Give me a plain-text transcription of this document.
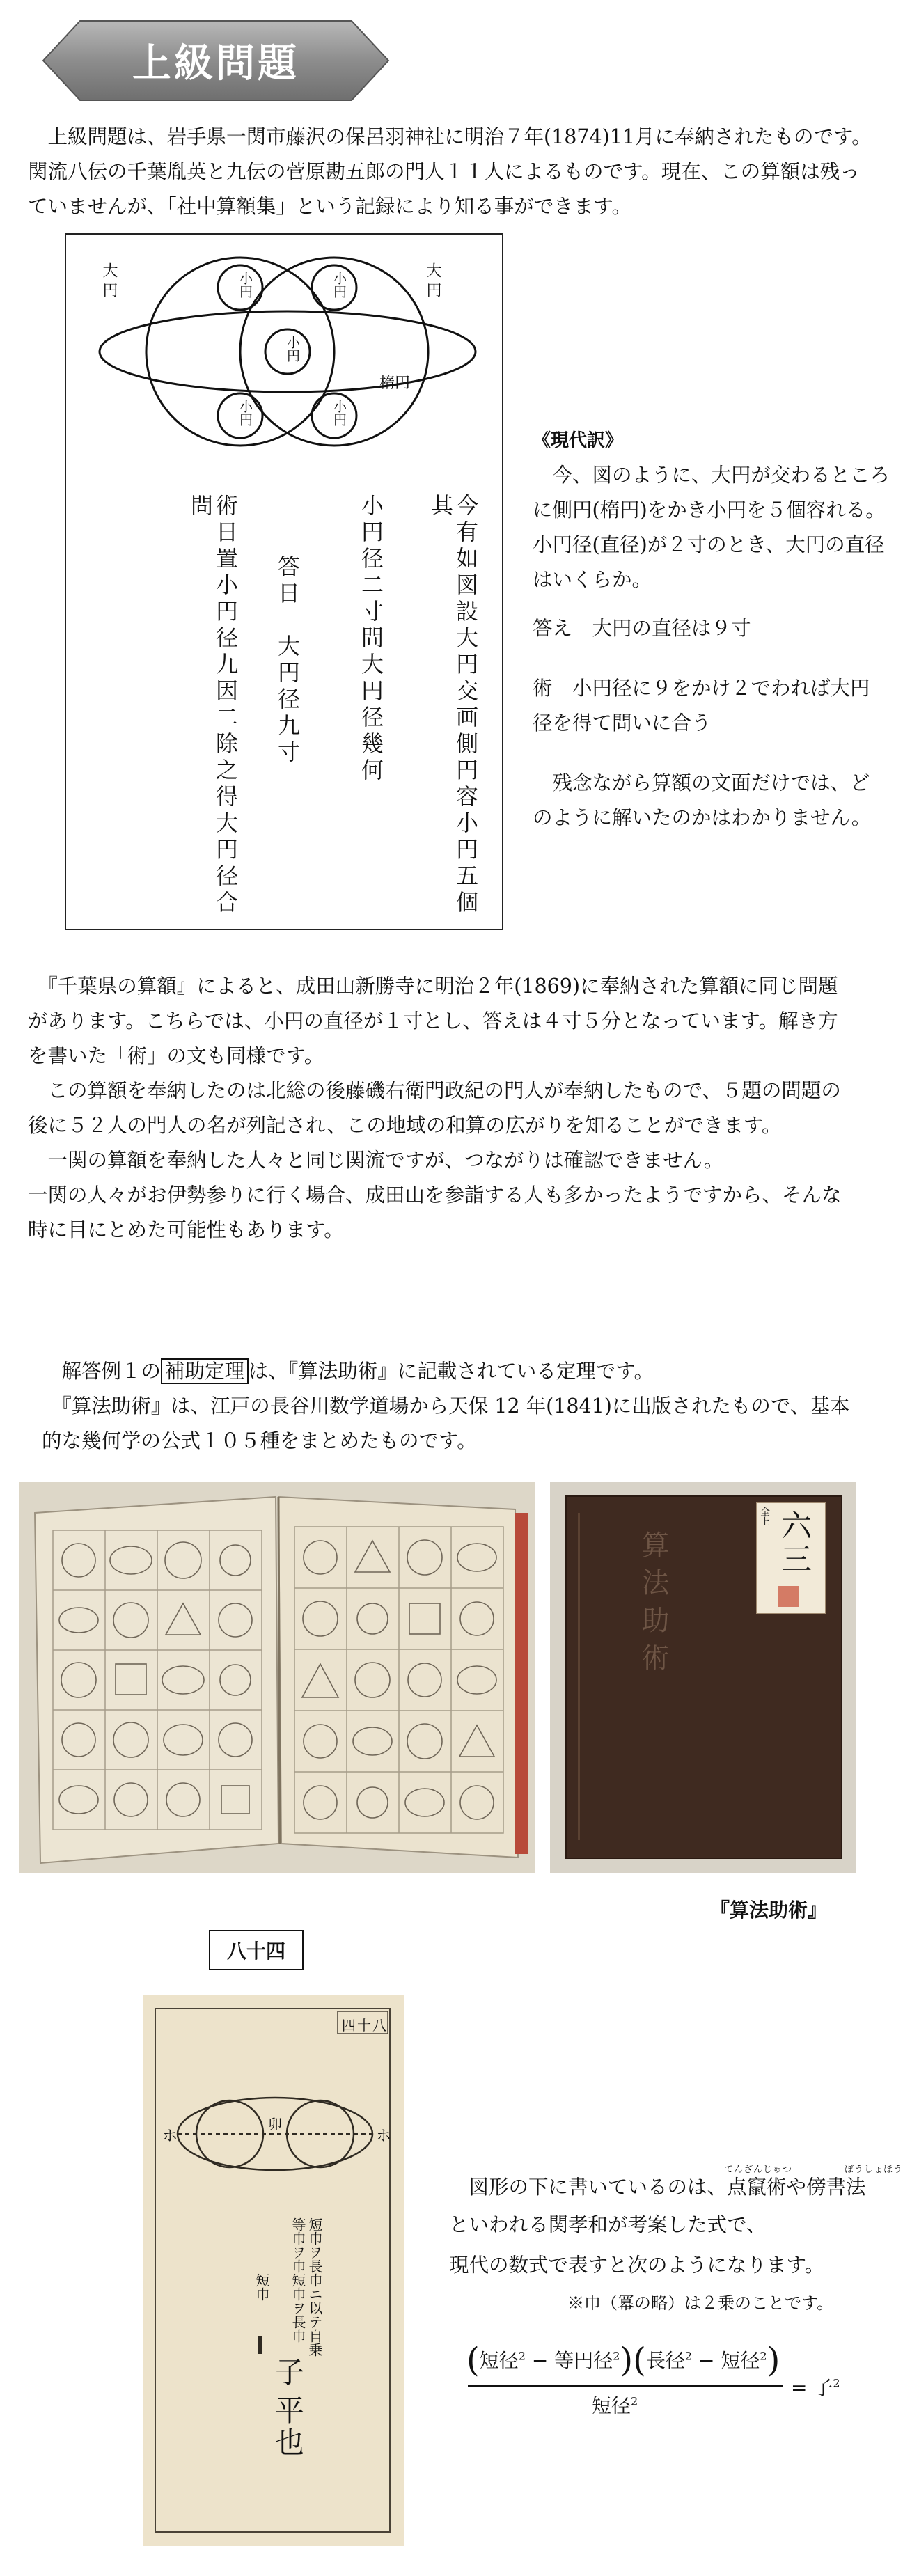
上級問題

　上級問題は、岩手県一関市藤沢の保呂羽神社に明治７年(1874)11月に奉納されたものです。

関流八伝の千葉胤英と九伝の菅原勘五郎の門人１１人によるものです。現在、この算額は残っ

ていませんが、「社中算額集」という記録により知る事ができます。

大円	大円
小円	小円
小円
小円	小円
楕円
今有如図設大円交画側円容小円五個其
小円径二寸問大円径幾何
答日　大円径九寸
術日置小円径九因二除之得大円径合問

《現代訳》

　今、図のように、大円が交わるところ

に側円(楕円)をかき小円を５個容れる。

小円径(直径)が２寸のとき、大円の直径

はいくらか。

答え　大円の直径は９寸

術　小円径に９をかけ２でわれば大円

径を得て問いに合う

　残念ながら算額の文面だけでは、ど

のように解いたのかはわかりません。

　『千葉県の算額』によると、成田山新勝寺に明治２年(1869)に奉納された算額に同じ問題

があります。こちらでは、小円の直径が１寸とし、答えは４寸５分となっています。解き方

を書いた「術」の文も同様です。

　この算額を奉納したのは北総の後藤磯右衛門政紀の門人が奉納したもので、５題の問題の

後に５２人の門人の名が列記され、この地域の和算の広がりを知ることができます。

　一関の算額を奉納した人々と同じ関流ですが、つながりは確認できません。

一関の人々がお伊勢参りに行く場合、成田山を参詣する人も多かったようですから、そんな

時に目にとめた可能性もあります。

　解答例１の 補助定理 は、『算法助術』に記載されている定理です。

　『算法助術』は、江戸の長谷川数学道場から天保 12 年(1841)に出版されたもので、基本

的な幾何学の公式１０５種をまとめたものです。

算法助術
全上 六三
『算法助術』
八十四
四十八
ホ	ホ
卯
短巾ヲ長巾ニ以テ自乗
等巾ヲ巾短巾ヲ長巾
短巾
子
平也
てんざんじゅつ	ぼうしょほう

　図形の下に書いているのは、点竄術や傍書法

といわれる関孝和が考案した式で、

現代の数式で表すと次のようになります。

※巾（冪の略）は２乗のことです。

(短径$^2$ − 等円径$^2$)(長径$^2$ − 短径$^2$)
短径$^2$
= 子$^2$
